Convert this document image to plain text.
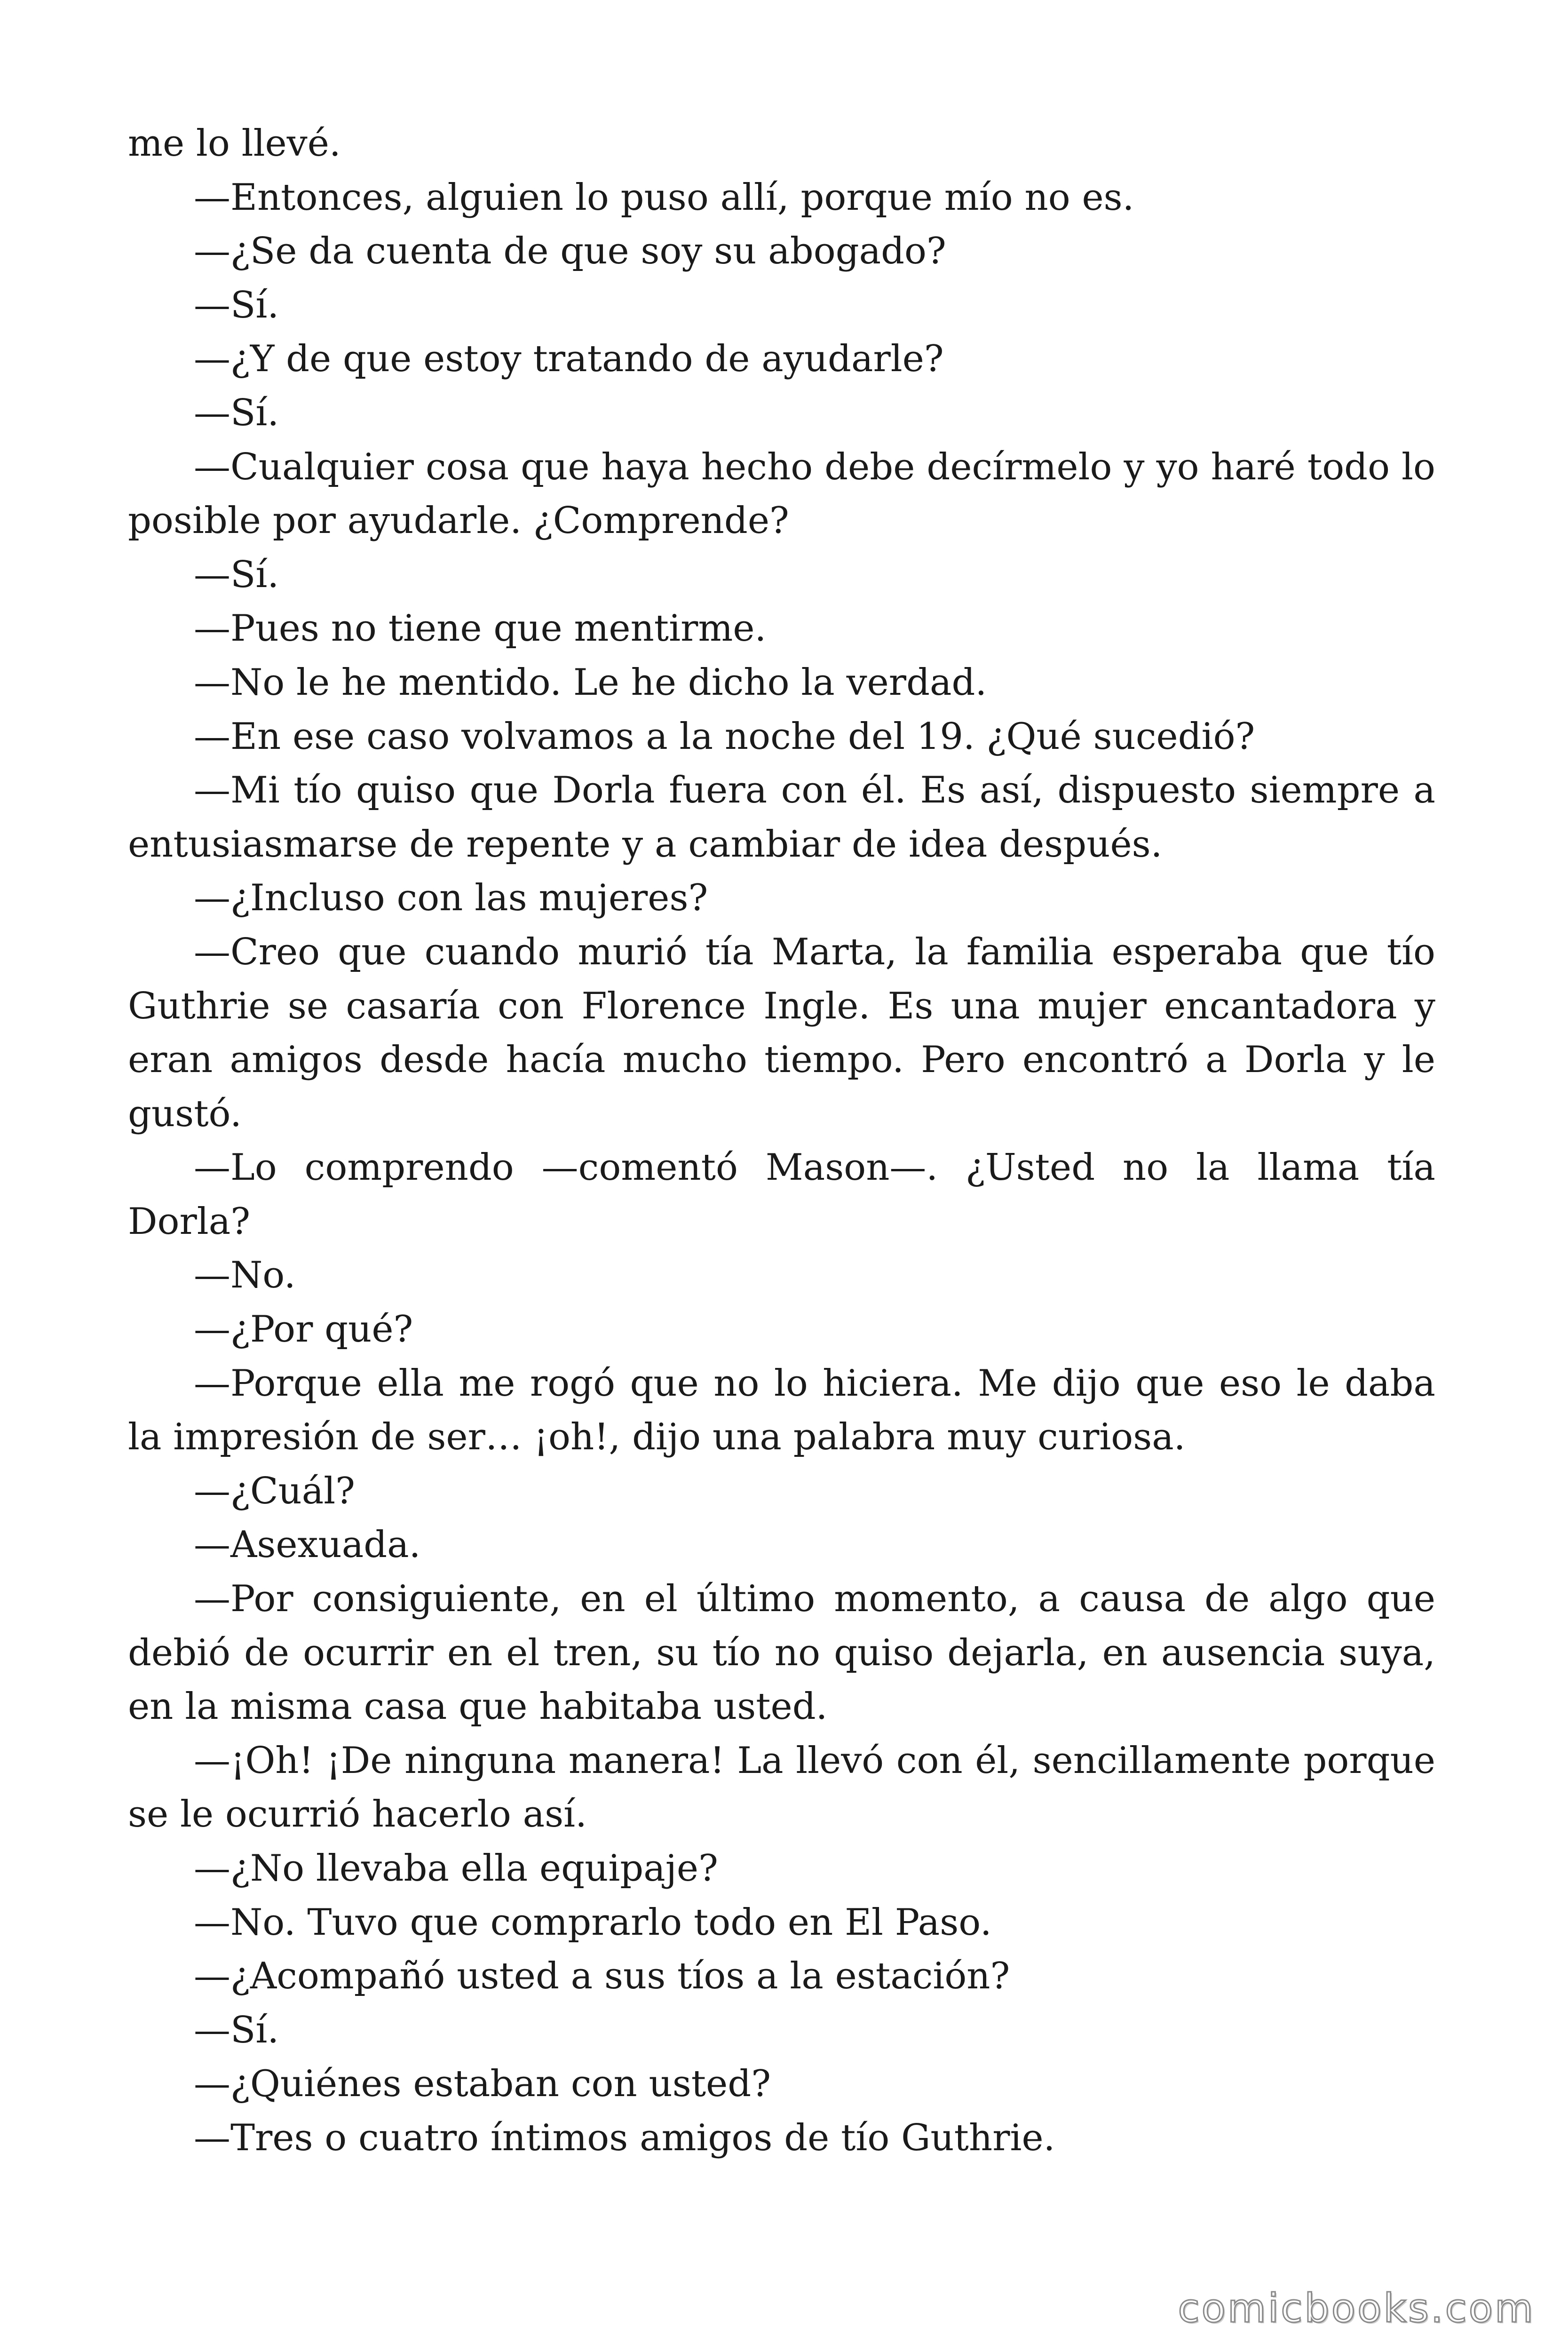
me lo llevé.

—Entonces, alguien lo puso allí, porque mío no es.

—¿Se da cuenta de que soy su abogado?

—Sí.

—¿Y de que estoy tratando de ayudarle?

—Sí.

—Cualquier cosa que haya hecho debe decírmelo y yo haré todo lo posible por ayudarle. ¿Comprende?

—Sí.

—Pues no tiene que mentirme.

—No le he mentido. Le he dicho la verdad.

—En ese caso volvamos a la noche del 19. ¿Qué sucedió?

—Mi tío quiso que Dorla fuera con él. Es así, dispuesto siempre a entusiasmarse de repente y a cambiar de idea después.

—¿Incluso con las mujeres?

—Creo que cuando murió tía Marta, la familia esperaba que tío Guthrie se casaría con Florence Ingle. Es una mujer encantadora y eran amigos desde hacía mucho tiempo. Pero encontró a Dorla y le gustó.

—Lo comprendo —comentó Mason—. ¿Usted no la llama tía Dorla?

—No.

—¿Por qué?

—Porque ella me rogó que no lo hiciera. Me dijo que eso le daba la impresión de ser… ¡oh!, dijo una palabra muy curiosa.

—¿Cuál?

—Asexuada.

—Por consiguiente, en el último momento, a causa de algo que debió de ocurrir en el tren, su tío no quiso dejarla, en ausencia suya, en la misma casa que habitaba usted.

—¡Oh! ¡De ninguna manera! La llevó con él, sencillamente porque se le ocurrió hacerlo así.

—¿No llevaba ella equipaje?

—No. Tuvo que comprarlo todo en El Paso.

—¿Acompañó usted a sus tíos a la estación?

—Sí.

—¿Quiénes estaban con usted?

—Tres o cuatro íntimos amigos de tío Guthrie.

comicbooks.com
